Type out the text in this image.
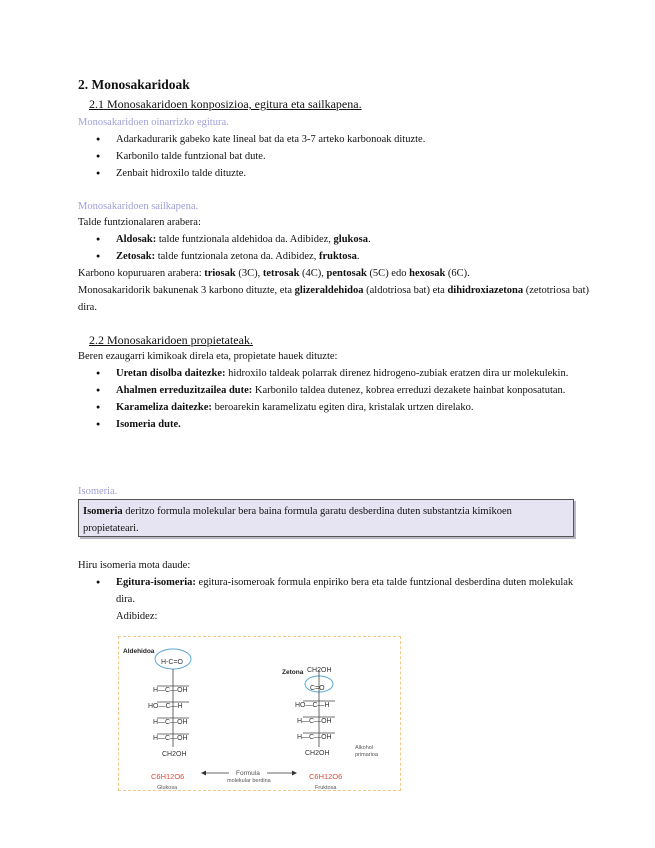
2. Monosakaridoak
2.1 Monosakaridoen konposizioa, egitura eta sailkapena.
Monosakaridoen oinarrizko egitura.
● Adarkadurarik gabeko kate lineal bat da eta 3-7 arteko karbonoak dituzte.
● Karbonilo talde funtzional bat dute.
● Zenbait hidroxilo talde dituzte.
Monosakaridoen sailkapena.
Talde funtzionalaren arabera:
● Aldosak: talde funtzionala aldehidoa da. Adibidez, glukosa.
● Zetosak: talde funtzionala zetona da. Adibidez, fruktosa.
Karbono kopuruaren arabera: triosak (3C), tetrosak (4C), pentosak (5C) edo hexosak (6C).
Monosakaridorik bakunenak 3 karbono dituzte, eta glizeraldehidoa (aldotriosa bat) eta dihidroxiazetona (zetotriosa bat) dira.
2.2 Monosakaridoen propietateak.
Beren ezaugarri kimikoak direla eta, propietate hauek dituzte:
● Uretan disolba daitezke: hidroxilo taldeak polarrak direnez hidrogeno-zubiak eratzen dira ur molekulekin.
● Ahalmen erreduzitzailea dute: Karbonilo taldea dutenez, kobrea erreduzi dezakete hainbat konposatutan.
● Karameliza daitezke: beroarekin karamelizatu egiten dira, kristalak urtzen direlako.
● Isomeria dute.
Isomeria.
Isomeria deritzo formula molekular bera baina formula garatu desberdina duten substantzia kimikoen propietateari.
Hiru isomeria mota daude:
● Egitura-isomeria: egitura-isomeroak formula enpiriko bera eta talde funtzional desberdina duten molekulak dira.
Adibidez:
Aldehidoa
Zetona
H-C=O
H—C—OH
HO—C—H
H—C—OH
H—C—OH
CH2OH
CH2OH
C=O
HO—C—H
H—C—OH
H—C—OH
CH2OH
Alkohol
primarioa
Formula
molekular berdina
C6H12O6	C6H12O6
Glukosa	Fruktosa
